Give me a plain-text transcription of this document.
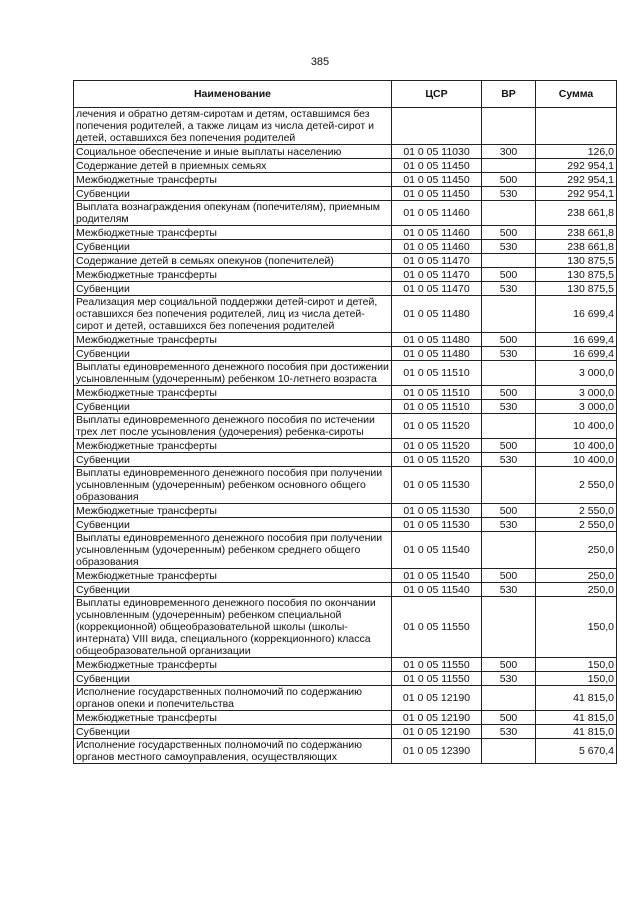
385
Наименование	ЦСР	ВР	Сумма
лечения и обратно детям-сиротам и детям, оставшимся без попечения родителей, а также лицам из числа детей-сирот и детей, оставшихся без попечения родителей			
Социальное обеспечение и иные выплаты населению	01 0 05 11030	300	126,0
Содержание детей в приемных семьях	01 0 05 11450		292 954,1
Межбюджетные трансферты	01 0 05 11450	500	292 954,1
Субвенции	01 0 05 11450	530	292 954,1
Выплата вознаграждения опекунам (попечителям), приемным родителям	01 0 05 11460		238 661,8
Межбюджетные трансферты	01 0 05 11460	500	238 661,8
Субвенции	01 0 05 11460	530	238 661,8
Содержание детей в семьях опекунов (попечителей)	01 0 05 11470		130 875,5
Межбюджетные трансферты	01 0 05 11470	500	130 875,5
Субвенции	01 0 05 11470	530	130 875,5
Реализация мер социальной поддержки детей-сирот и детей, оставшихся без попечения родителей, лиц из числа детей-сирот и детей, оставшихся без попечения родителей	01 0 05 11480		16 699,4
Межбюджетные трансферты	01 0 05 11480	500	16 699,4
Субвенции	01 0 05 11480	530	16 699,4
Выплаты единовременного денежного пособия при достижении усыновленным (удочеренным) ребенком 10-летнего возраста	01 0 05 11510		3 000,0
Межбюджетные трансферты	01 0 05 11510	500	3 000,0
Субвенции	01 0 05 11510	530	3 000,0
Выплаты единовременного денежного пособия по истечении трех лет после усыновления (удочерения) ребенка-сироты	01 0 05 11520		10 400,0
Межбюджетные трансферты	01 0 05 11520	500	10 400,0
Субвенции	01 0 05 11520	530	10 400,0
Выплаты единовременного денежного пособия при получении усыновленным (удочеренным) ребенком основного общего образования	01 0 05 11530		2 550,0
Межбюджетные трансферты	01 0 05 11530	500	2 550,0
Субвенции	01 0 05 11530	530	2 550,0
Выплаты единовременного денежного пособия при получении усыновленным (удочеренным) ребенком среднего общего образования	01 0 05 11540		250,0
Межбюджетные трансферты	01 0 05 11540	500	250,0
Субвенции	01 0 05 11540	530	250,0
Выплаты единовременного денежного пособия по окончании усыновленным (удочеренным) ребенком специальной (коррекционной) общеобразовательной школы (школы-интерната) VIII вида, специального (коррекционного) класса общеобразовательной организации	01 0 05 11550		150,0
Межбюджетные трансферты	01 0 05 11550	500	150,0
Субвенции	01 0 05 11550	530	150,0
Исполнение государственных полномочий по содержанию органов опеки и попечительства	01 0 05 12190		41 815,0
Межбюджетные трансферты	01 0 05 12190	500	41 815,0
Субвенции	01 0 05 12190	530	41 815,0
Исполнение государственных полномочий по содержанию органов местного самоуправления, осуществляющих	01 0 05 12390		5 670,4
